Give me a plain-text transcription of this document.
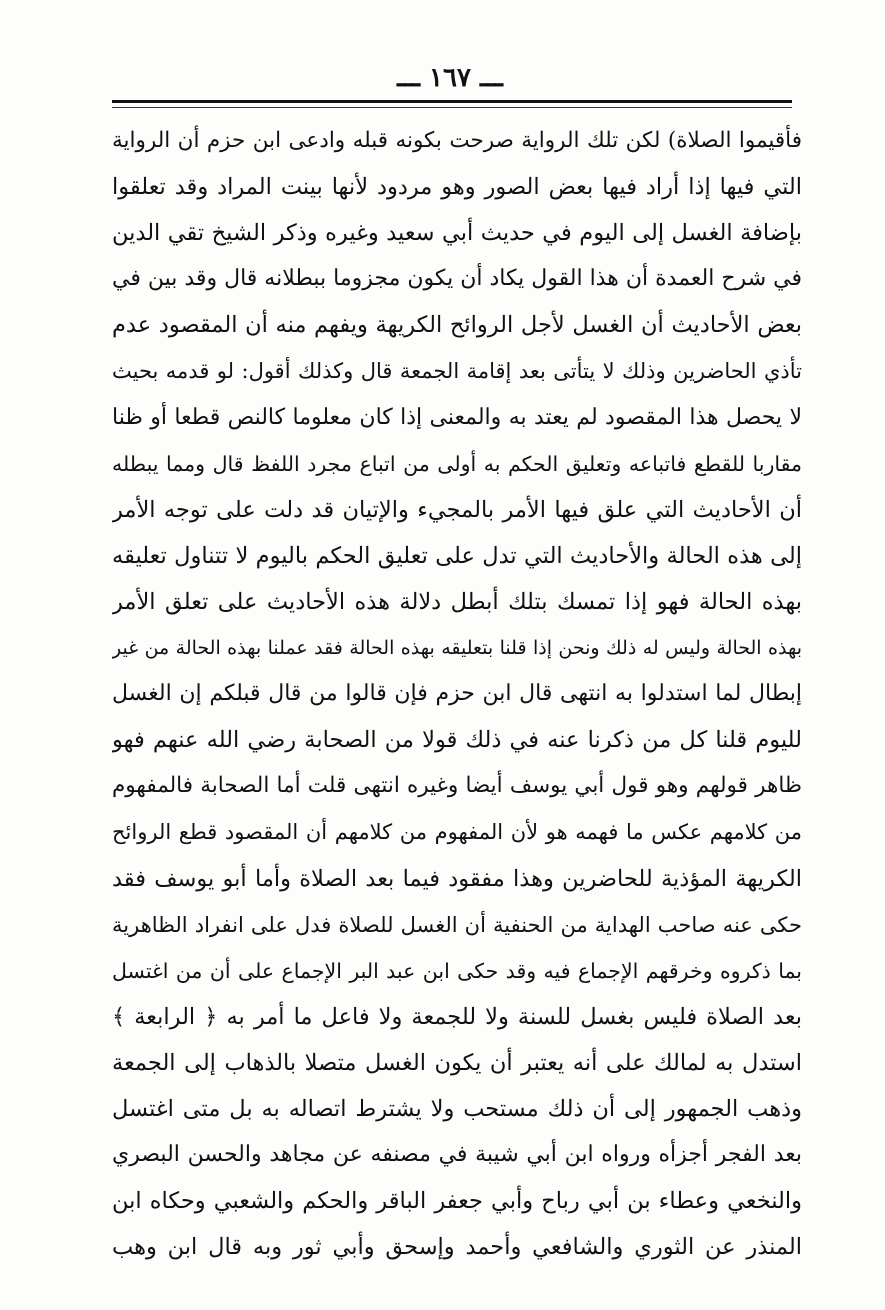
ـــ ١٦٧ ـــ
فأقيموا الصلاة) لكن تلك الرواية صرحت بكونه قبله وادعى ابن حزم أن الرواية
التي فيها إذا أراد فيها بعض الصور وهو مردود لأنها بينت المراد وقد تعلقوا
بإضافة الغسل إلى اليوم في حديث أبي سعيد وغيره وذكر الشيخ تقي الدين
في شرح العمدة أن هذا القول يكاد أن يكون مجزوما ببطلانه قال وقد بين في
بعض الأحاديث أن الغسل لأجل الروائح الكريهة ويفهم منه أن المقصود عدم
تأذي الحاضرين وذلك لا يتأتى بعد إقامة الجمعة قال وكذلك أقول: لو قدمه بحيث
لا يحصل هذا المقصود لم يعتد به والمعنى إذا كان معلوما كالنص قطعا أو ظنا
مقاربا للقطع فاتباعه وتعليق الحكم به أولى من اتباع مجرد اللفظ قال ومما يبطله
أن الأحاديث التي علق فيها الأمر بالمجيء والإتيان قد دلت على توجه الأمر
إلى هذه الحالة والأحاديث التي تدل على تعليق الحكم باليوم لا تتناول تعليقه
بهذه الحالة فهو إذا تمسك بتلك أبطل دلالة هذه الأحاديث على تعلق الأمر
بهذه الحالة وليس له ذلك ونحن إذا قلنا بتعليقه بهذه الحالة فقد عملنا بهذه الحالة من غير
إبطال لما استدلوا به انتهى قال ابن حزم فإن قالوا من قال قبلكم إن الغسل
لليوم قلنا كل من ذكرنا عنه في ذلك قولا من الصحابة رضي الله عنهم فهو
ظاهر قولهم وهو قول أبي يوسف أيضا وغيره انتهى قلت أما الصحابة فالمفهوم
من كلامهم عكس ما فهمه هو لأن المفهوم من كلامهم أن المقصود قطع الروائح
الكريهة المؤذية للحاضرين وهذا مفقود فيما بعد الصلاة وأما أبو يوسف فقد
حكى عنه صاحب الهداية من الحنفية أن الغسل للصلاة فدل على انفراد الظاهرية
بما ذكروه وخرقهم الإجماع فيه وقد حكى ابن عبد البر الإجماع على أن من اغتسل
بعد الصلاة فليس بغسل للسنة ولا للجمعة ولا فاعل ما أمر به ﴿ الرابعة ﴾
استدل به لمالك على أنه يعتبر أن يكون الغسل متصلا بالذهاب إلى الجمعة
وذهب الجمهور إلى أن ذلك مستحب ولا يشترط اتصاله به بل متى اغتسل
بعد الفجر أجزأه ورواه ابن أبي شيبة في مصنفه عن مجاهد والحسن البصري
والنخعي وعطاء بن أبي رباح وأبي جعفر الباقر والحكم والشعبي وحكاه ابن
المنذر عن الثوري والشافعي وأحمد وإسحق وأبي ثور وبه قال ابن وهب
